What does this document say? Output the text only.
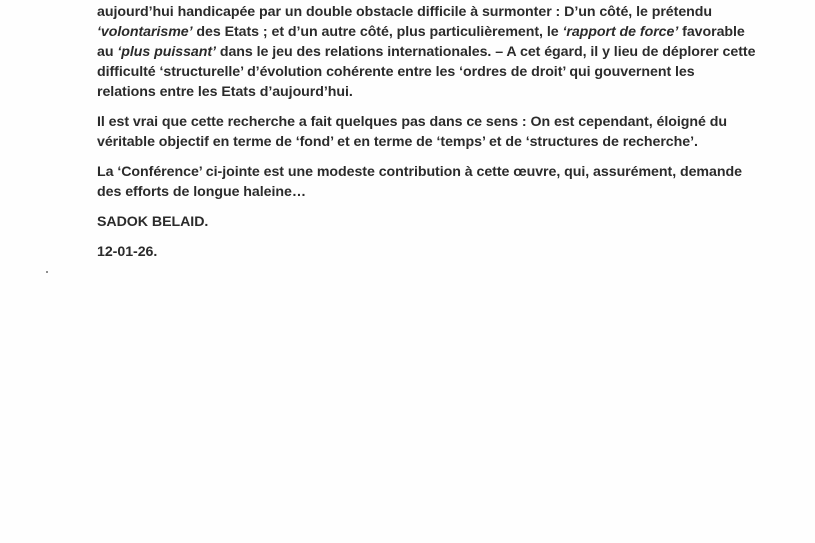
aujourd’hui handicapée par un double obstacle difficile à surmonter : D’un côté, le prétendu
‘volontarisme’ des Etats ; et d’un autre côté, plus particulièrement, le ‘rapport de force’ favorable
au ‘plus puissant’ dans le jeu des relations internationales. – A cet égard, il y lieu de déplorer cette
difficulté ‘structurelle’ d’évolution cohérente entre les ‘ordres de droit’ qui gouvernent les
relations entre les Etats d’aujourd’hui.

Il est vrai que cette recherche a fait quelques pas dans ce sens : On est cependant, éloigné du
véritable objectif en terme de ‘fond’ et en terme de ‘temps’ et de ‘structures de recherche’.

La ‘Conférence’ ci-jointe est une modeste contribution à cette œuvre, qui, assurément, demande
des efforts de longue haleine…

SADOK BELAID.

12-01-26.
